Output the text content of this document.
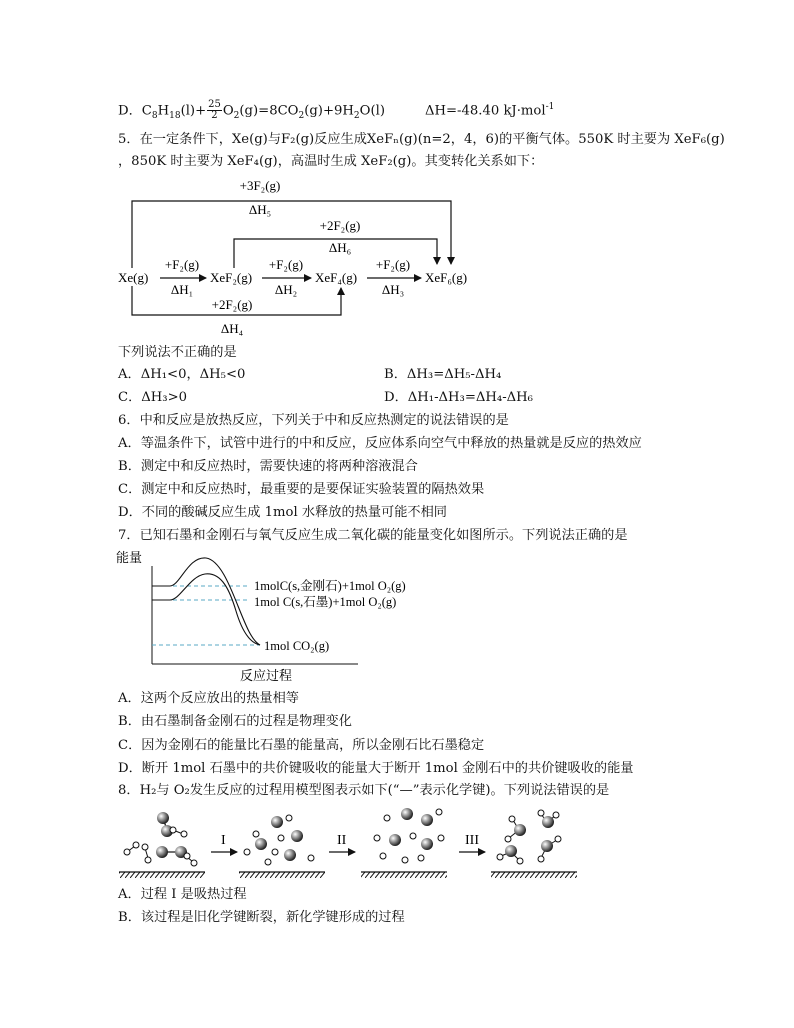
D．$C_8H_{18}(l)+ \frac{25}{2} O_2(g)=8CO_2(g)+9H_2O(l)$	ΔH=-48.40 kJ·mol$^{-1}$
5．在一定条件下，Xe(g)与F₂(g)反应生成XeFₙ(g)(n=2，4，6)的平衡气体。550K 时主要为 XeF₆(g)
，850K 时主要为 XeF₄(g)，高温时生成 XeF₂(g)。其变转化关系如下：
+3F₂(g)
ΔH₅
+2F₂(g)
ΔH₆
Xe(g)	XeF₂(g)	XeF₄(g)	XeF₆(g)
+F₂(g)
ΔH₁
+F₂(g)
ΔH₂
+F₂(g)
ΔH₃
+2F₂(g)
ΔH₄
下列说法不正确的是
A．ΔH₁<0，ΔH₅<0	B．ΔH₃=ΔH₅-ΔH₄
C．ΔH₃>0	D．ΔH₁-ΔH₃=ΔH₄-ΔH₆
6．中和反应是放热反应，下列关于中和反应热测定的说法错误的是
A．等温条件下，试管中进行的中和反应，反应体系向空气中释放的热量就是反应的热效应
B．测定中和反应热时，需要快速的将两种溶液混合
C．测定中和反应热时，最重要的是要保证实验装置的隔热效果
D．不同的酸碱反应生成 1mol 水释放的热量可能不相同
7．已知石墨和金刚石与氧气反应生成二氧化碳的能量变化如图所示。下列说法正确的是
能量
反应过程
1molC(s,金刚石)+1mol O₂(g)
1mol C(s,石墨)+1mol O₂(g)
1mol CO₂(g)
A．这两个反应放出的热量相等
B．由石墨制备金刚石的过程是物理变化
C．因为金刚石的能量比石墨的能量高，所以金刚石比石墨稳定
D．断开 1mol 石墨中的共价键吸收的能量大于断开 1mol 金刚石中的共价键吸收的能量
8．H₂与 O₂发生反应的过程用模型图表示如下(“—”表示化学键)。下列说法错误的是
I	II	III
A．过程 I 是吸热过程
B．该过程是旧化学键断裂，新化学键形成的过程
